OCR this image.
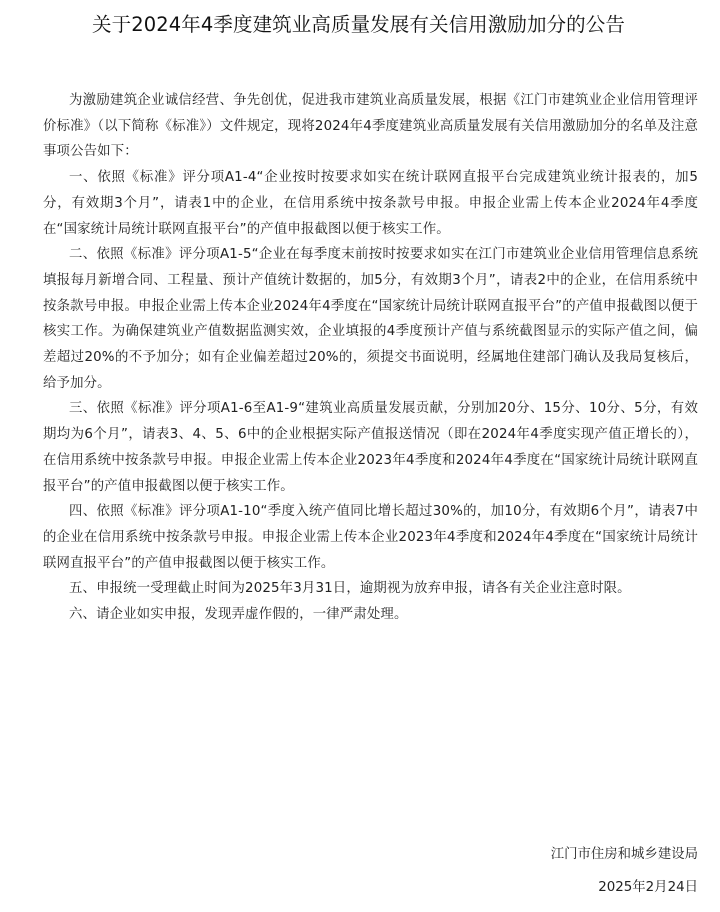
关于2024年4季度建筑业高质量发展有关信用激励加分的公告

为激励建筑企业诚信经营、争先创优，促进我市建筑业高质量发展，根据《江门市建筑业企业信用管理评价标准》（以下简称《标准》）文件规定，现将2024年4季度建筑业高质量发展有关信用激励加分的名单及注意事项公告如下：

一、依照《标准》评分项A1-4“企业按时按要求如实在统计联网直报平台完成建筑业统计报表的，加5分，有效期3个月”，请表1中的企业，在信用系统中按条款号申报。申报企业需上传本企业2024年4季度在“国家统计局统计联网直报平台”的产值申报截图以便于核实工作。

二、依照《标准》评分项A1-5“企业在每季度末前按时按要求如实在江门市建筑业企业信用管理信息系统填报每月新增合同、工程量、预计产值统计数据的，加5分，有效期3个月”，请表2中的企业，在信用系统中按条款号申报。申报企业需上传本企业2024年4季度在“国家统计局统计联网直报平台”的产值申报截图以便于核实工作。为确保建筑业产值数据监测实效，企业填报的4季度预计产值与系统截图显示的实际产值之间，偏差超过20%的不予加分；如有企业偏差超过20%的，须提交书面说明，经属地住建部门确认及我局复核后，给予加分。

三、依照《标准》评分项A1-6至A1-9“建筑业高质量发展贡献，分别加20分、15分、10分、5分，有效期均为6个月”，请表3、4、5、6中的企业根据实际产值报送情况（即在2024年4季度实现产值正增长的），在信用系统中按条款号申报。申报企业需上传本企业2023年4季度和2024年4季度在“国家统计局统计联网直报平台”的产值申报截图以便于核实工作。

四、依照《标准》评分项A1-10“季度入统产值同比增长超过30%的，加10分，有效期6个月”，请表7中的企业在信用系统中按条款号申报。申报企业需上传本企业2023年4季度和2024年4季度在“国家统计局统计联网直报平台”的产值申报截图以便于核实工作。

五、申报统一受理截止时间为2025年3月31日，逾期视为放弃申报，请各有关企业注意时限。

六、请企业如实申报，发现弄虚作假的，一律严肃处理。

江门市住房和城乡建设局
2025年2月24日
